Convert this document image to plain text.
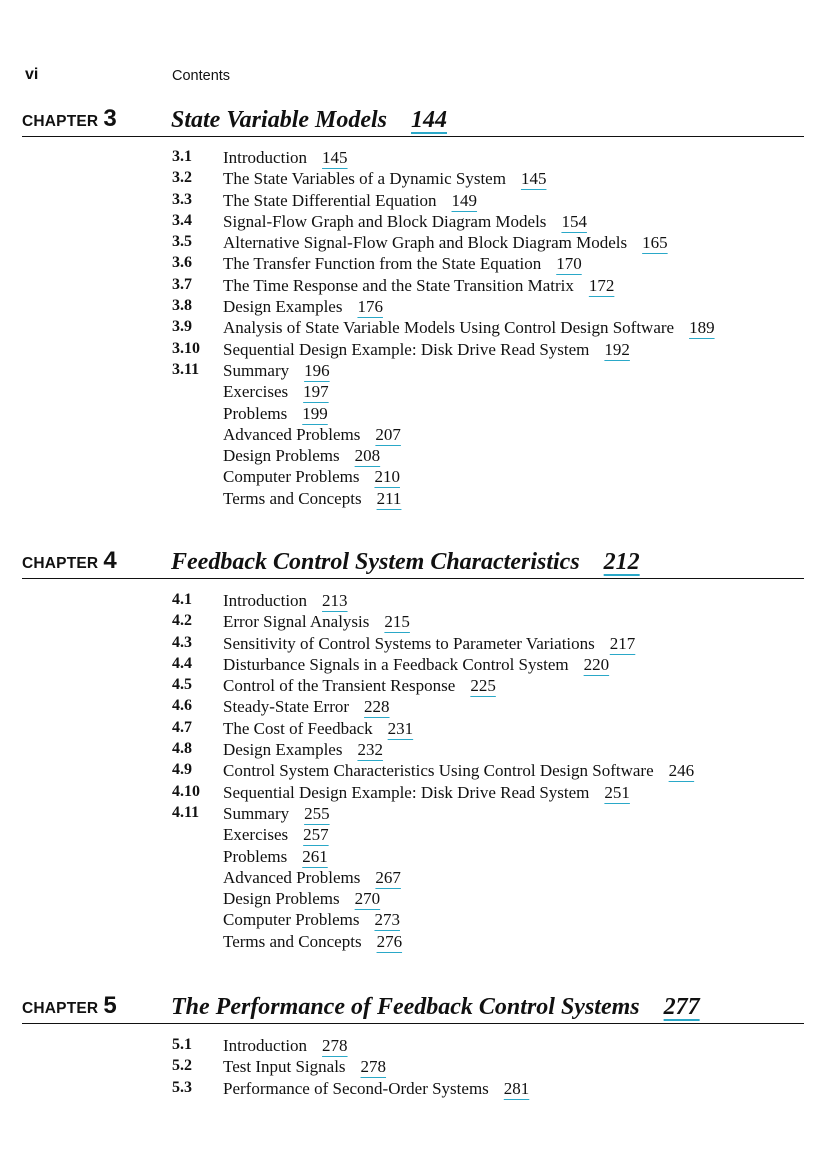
vi	Contents
CHAPTER 3 State Variable Models 144
3.1 Introduction 145
3.2 The State Variables of a Dynamic System 145
3.3 The State Differential Equation 149
3.4 Signal-Flow Graph and Block Diagram Models 154
3.5 Alternative Signal-Flow Graph and Block Diagram Models 165
3.6 The Transfer Function from the State Equation 170
3.7 The Time Response and the State Transition Matrix 172
3.8 Design Examples 176
3.9 Analysis of State Variable Models Using Control Design Software 189
3.10 Sequential Design Example: Disk Drive Read System 192
3.11 Summary 196
Exercises 197
Problems 199
Advanced Problems 207
Design Problems 208
Computer Problems 210
Terms and Concepts 211
CHAPTER 4 Feedback Control System Characteristics 212
4.1 Introduction 213
4.2 Error Signal Analysis 215
4.3 Sensitivity of Control Systems to Parameter Variations 217
4.4 Disturbance Signals in a Feedback Control System 220
4.5 Control of the Transient Response 225
4.6 Steady-State Error 228
4.7 The Cost of Feedback 231
4.8 Design Examples 232
4.9 Control System Characteristics Using Control Design Software 246
4.10 Sequential Design Example: Disk Drive Read System 251
4.11 Summary 255
Exercises 257
Problems 261
Advanced Problems 267
Design Problems 270
Computer Problems 273
Terms and Concepts 276
CHAPTER 5 The Performance of Feedback Control Systems 277
5.1 Introduction 278
5.2 Test Input Signals 278
5.3 Performance of Second-Order Systems 281
